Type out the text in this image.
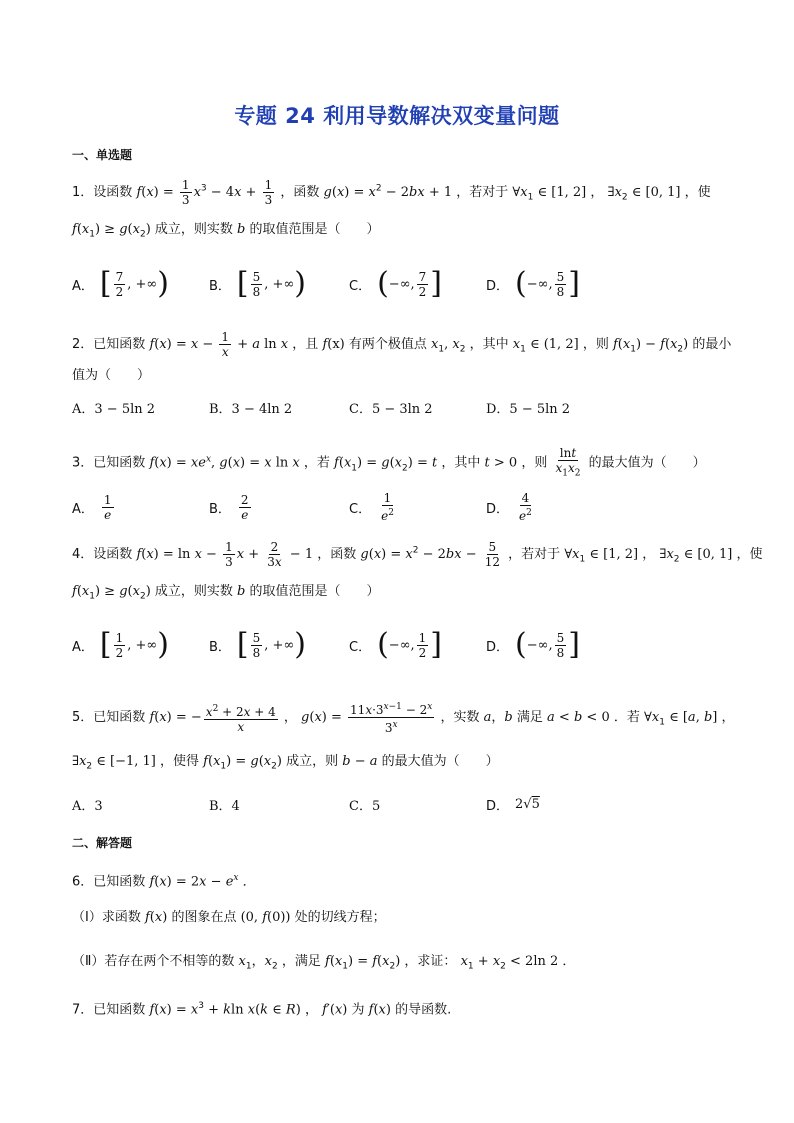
专题 24 利用导数解决双变量问题
一、单选题
1．设函数 $f(x) = \frac{1}{3} x^3 - 4x + \frac{1}{3}$ ，函数 $g(x) = x^2 - 2bx + 1$ ，若对于 $\forall x_1$ ∈ [1, 2] ， $\exists x_2$ ∈ [0, 1] ，使
$f(x_1) \ge g(x_2)$ 成立，则实数 b 的取值范围是（　　）
A． [ $\frac{7}{2}$ , +∞ )	B． [ $\frac{5}{8}$ , +∞ )	C． ( −∞, $\frac{7}{2}$ ]	D． ( −∞, $\frac{5}{8}$ ]
2．已知函数 $f(x) = x - \frac{1}{x} + a$ ln x ，且 f(x) 有两个极值点 $x_1$, $x_2$ ，其中 $x_1$ ∈ (1, 2] ，则 $f(x_1) - f(x_2)$ 的最小
值为（　　）
A．3 − 5ln 2	B．3 − 4ln 2	C．5 − 3ln 2	D．5 − 5ln 2
3．已知函数 $f(x) = xe^x$, g(x) = x ln x ，若 $f(x_1) = g(x_2) = t$ ，其中 t > 0 ，则 $\frac{\ln t}{x_1x_2}$ 的最大值为（　　）
A． $\frac{1}{e}$	B． $\frac{2}{e}$	C． $\frac{1}{e^2}$	D． $\frac{4}{e^2}$
4．设函数 $f(x) = \ln x - \frac{1}{3}$ $x + \frac{2}{3x} - 1$ ，函数 $g(x) = x^2 - 2bx - \frac{5}{12}$ ，若对于 $\forall x_1$ ∈ [1, 2] ， $\exists x_2$ ∈ [0, 1] ，使
$f(x_1) \ge g(x_2)$ 成立，则实数 b 的取值范围是（　　）
A． [ $\frac{1}{2}$ , +∞ )	B． [ $\frac{5}{8}$ , +∞ )	C． ( −∞, $\frac{1}{2}$ ]	D． ( −∞, $\frac{5}{8}$ ]
5．已知函数 f(x) = − $\frac{x^2 + 2x + 4}{x}$ ， $g(x) = \frac{11x\cdot 3^{x-1} - 2^x}{3^x}$ ，实数 a，b 满足 a < b < 0 ．若 $\forall x_1$ ∈ [a, b] ，
$\exists x_2$ ∈ [−1, 1] ，使得 $f(x_1) = g(x_2)$ 成立，则 b − a 的最大值为（　　）
A．3	B．4	C．5	D． 2√5
二、解答题
6．已知函数 $f(x) = 2x - e^x$ ．
（Ⅰ）求函数 f(x) 的图象在点 (0, f(0)) 处的切线方程；
（Ⅱ）若存在两个不相等的数 $x_1$，$x_2$ ，满足 $f(x_1) = f(x_2)$ ，求证： $x_1 + x_2 < 2\ln$ 2 ．
7．已知函数 $f(x) = x^3 + kln$ x(k ∈ R) ， f′(x) 为 f(x) 的导函数.
